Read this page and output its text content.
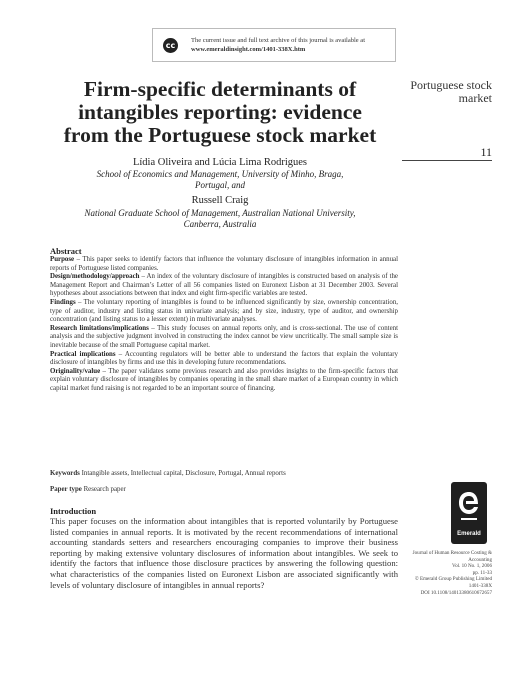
cc
The current issue and full text archive of this journal is available at
www.emeraldinsight.com/1401-338X.htm
Firm-specific determinants of
intangibles reporting: evidence
from the Portuguese stock market
Lídia Oliveira and Lúcia Lima Rodrigues
School of Economics and Management, University of Minho, Braga,
Portugal, and
Russell Craig
National Graduate School of Management, Australian National University,
Canberra, Australia
Portuguese stock
market
11
Abstract

Purpose – This paper seeks to identify factors that influence the voluntary disclosure of intangibles information in annual reports of Portuguese listed companies.

Design/methodology/approach – An index of the voluntary disclosure of intangibles is constructed based on analysis of the Management Report and Chairman’s Letter of all 56 companies listed on Euronext Lisbon at 31 December 2003. Several hypotheses about associations between that index and eight firm-specific variables are tested.

Findings – The voluntary reporting of intangibles is found to be influenced significantly by size, ownership concentration, type of auditor, industry and listing status in univariate analysis; and by size, industry, type of auditor, and ownership concentration (and listing status to a lesser extent) in multivariate analyses.

Research limitations/implications – This study focuses on annual reports only, and is cross-sectional. The use of content analysis and the subjective judgment involved in constructing the index cannot be view uncritically. The small sample size is inevitable because of the small Portuguese capital market.

Practical implications – Accounting regulators will be better able to understand the factors that explain the voluntary disclosure of intangibles by firms and use this in developing future recommendations.

Originality/value – The paper validates some previous research and also provides insights to the firm-specific factors that explain voluntary disclosure of intangibles by companies operating in the small share market of a European country in which capital market fund raising is not regarded to be an important source of financing.

Keywords Intangible assets, Intellectual capital, Disclosure, Portugal, Annual reports
Paper type Research paper
Introduction
This paper focuses on the information about intangibles that is reported voluntarily by Portuguese listed companies in annual reports. It is motivated by the recent recommendations of international accounting standards setters and researchers encouraging companies to improve their business reporting by making extensive voluntary disclosures of information about intangibles. We seek to identify the factors that influence those disclosure practices by answering the following question: what characteristics of the companies listed on Euronext Lisbon are associated significantly with levels of voluntary disclosure of intangibles in annual reports?
Emerald
Journal of Human Resource Costing &
Accounting
Vol. 10 No. 1, 2006
pp. 11-33
© Emerald Group Publishing Limited
1401-338X
DOI 10.1108/14013380610672657
